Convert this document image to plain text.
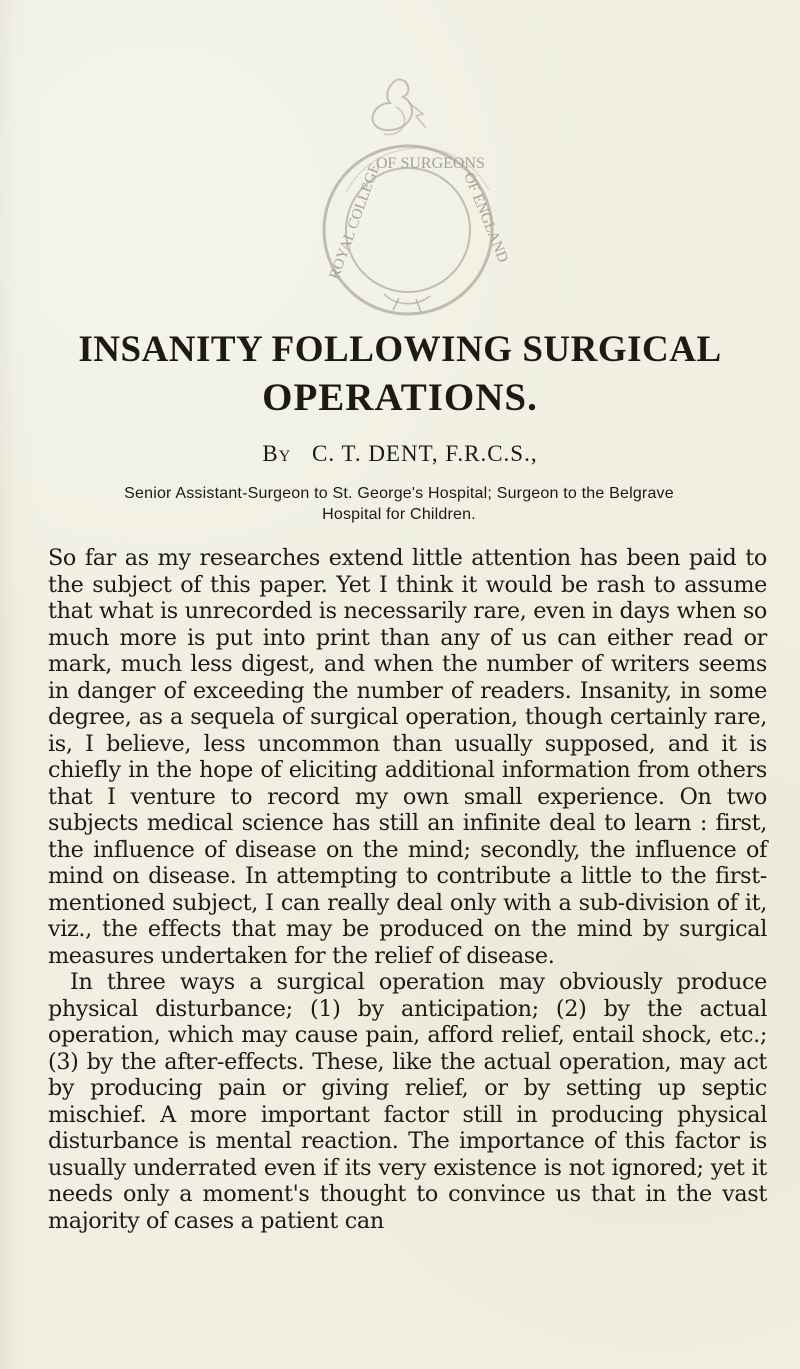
OF SURGEONS
ROYAL COLLEGE	OF ENGLAND
INSANITY FOLLOWING SURGICAL
OPERATIONS.
By C. T. DENT, F.R.C.S.,
Senior Assistant-Surgeon to St. George's Hospital; Surgeon to the Belgrave Hospital for Children.

So far as my researches extend little attention has been paid to the subject of this paper. Yet I think it would be rash to assume that what is unrecorded is necessarily rare, even in days when so much more is put into print than any of us can either read or mark, much less digest, and when the number of writers seems in danger of exceeding the number of readers. Insanity, in some degree, as a sequela of surgical operation, though certainly rare, is, I believe, less uncommon than usually supposed, and it is chiefly in the hope of eliciting additional information from others that I venture to record my own small experience. On two subjects medical science has still an infinite deal to learn : first, the influence of disease on the mind; secondly, the influence of mind on disease. In attempting to contribute a little to the first-mentioned subject, I can really deal only with a sub-division of it, viz., the effects that may be produced on the mind by surgical measures undertaken for the relief of disease.

In three ways a surgical operation may obviously produce physical disturbance; (1) by anticipation; (2) by the actual operation, which may cause pain, afford relief, entail shock, etc.; (3) by the after-effects. These, like the actual operation, may act by producing pain or giving relief, or by setting up septic mischief. A more important factor still in producing physical disturbance is mental reaction. The importance of this factor is usually underrated even if its very existence is not ignored; yet it needs only a moment's thought to convince us that in the vast majority of cases a patient can
